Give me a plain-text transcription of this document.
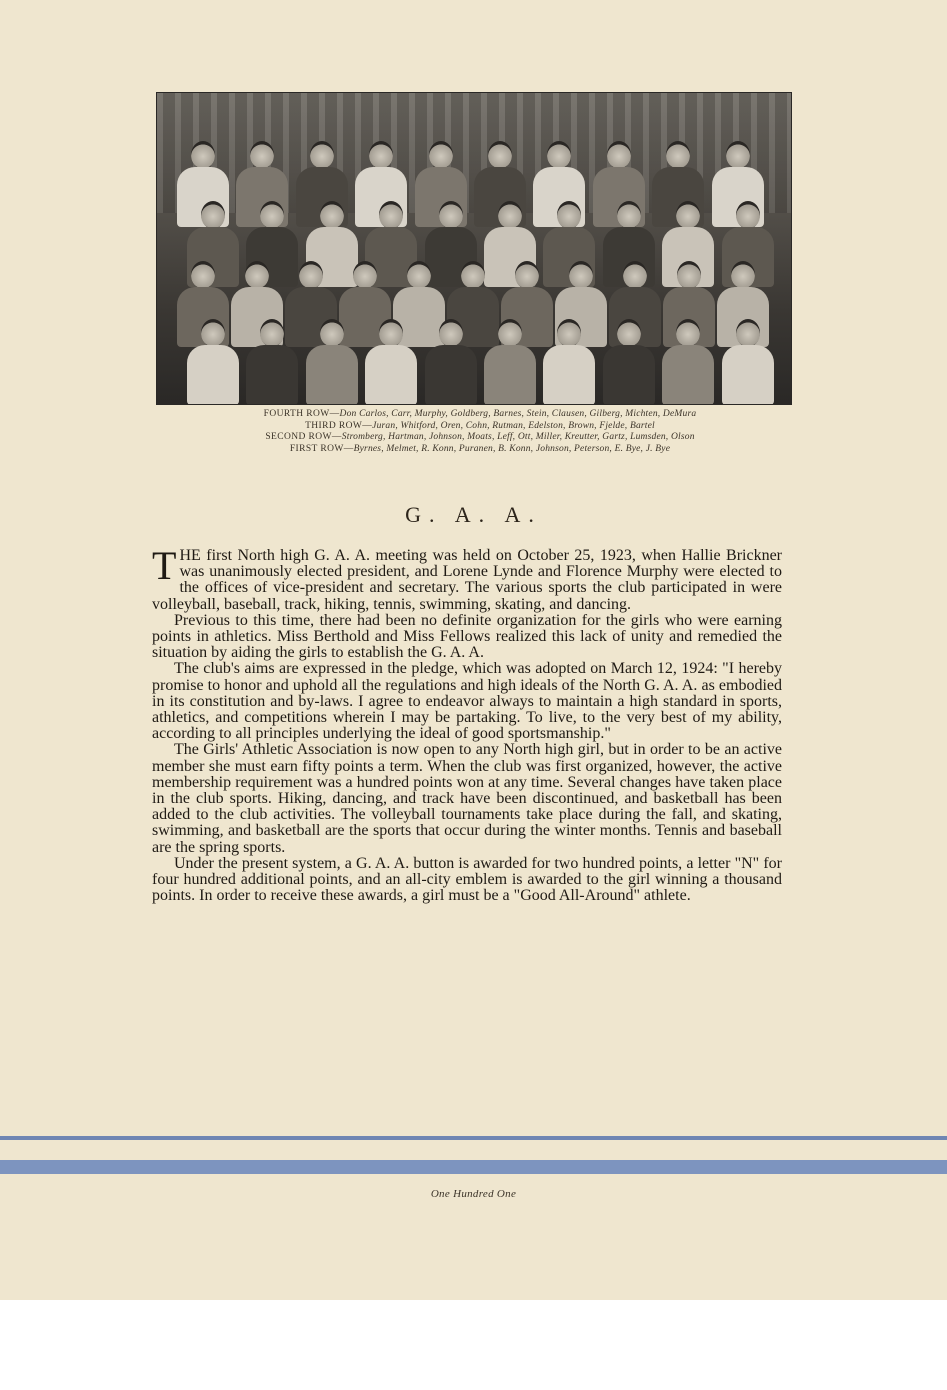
FOURTH ROW—Don Carlos, Carr, Murphy, Goldberg, Barnes, Stein, Clausen, Gilberg, Michten, DeMura
THIRD ROW—Juran, Whitford, Oren, Cohn, Rutman, Edelston, Brown, Fjelde, Bartel
SECOND ROW—Stromberg, Hartman, Johnson, Moats, Leff, Ott, Miller, Kreutter, Gartz, Lumsden, Olson
FIRST ROW—Byrnes, Melmet, R. Konn, Puranen, B. Konn, Johnson, Peterson, E. Bye, J. Bye
G. A. A.

THE first North high G. A. A. meeting was held on October 25, 1923, when Hallie Brickner was unanimously elected president, and Lorene Lynde and Florence Murphy were elected to the offices of vice-president and secretary. The various sports the club participated in were volleyball, baseball, track, hiking, tennis, swimming, skating, and dancing.

Previous to this time, there had been no definite organization for the girls who were earning points in athletics. Miss Berthold and Miss Fellows realized this lack of unity and remedied the situation by aiding the girls to establish the G. A. A.

The club's aims are expressed in the pledge, which was adopted on March 12, 1924: "I hereby promise to honor and uphold all the regulations and high ideals of the North G. A. A. as embodied in its constitution and by-laws. I agree to endeavor always to maintain a high standard in sports, athletics, and competitions wherein I may be partaking. To live, to the very best of my ability, according to all principles underlying the ideal of good sportsmanship."

The Girls' Athletic Association is now open to any North high girl, but in order to be an active member she must earn fifty points a term. When the club was first organized, however, the active membership requirement was a hundred points won at any time. Several changes have taken place in the club sports. Hiking, dancing, and track have been discontinued, and basketball has been added to the club activities. The volleyball tournaments take place during the fall, and skating, swimming, and basketball are the sports that occur during the winter months. Tennis and baseball are the spring sports.

Under the present system, a G. A. A. button is awarded for two hundred points, a letter "N" for four hundred additional points, and an all-city emblem is awarded to the girl winning a thousand points. In order to receive these awards, a girl must be a "Good All-Around" athlete.

One Hundred One
